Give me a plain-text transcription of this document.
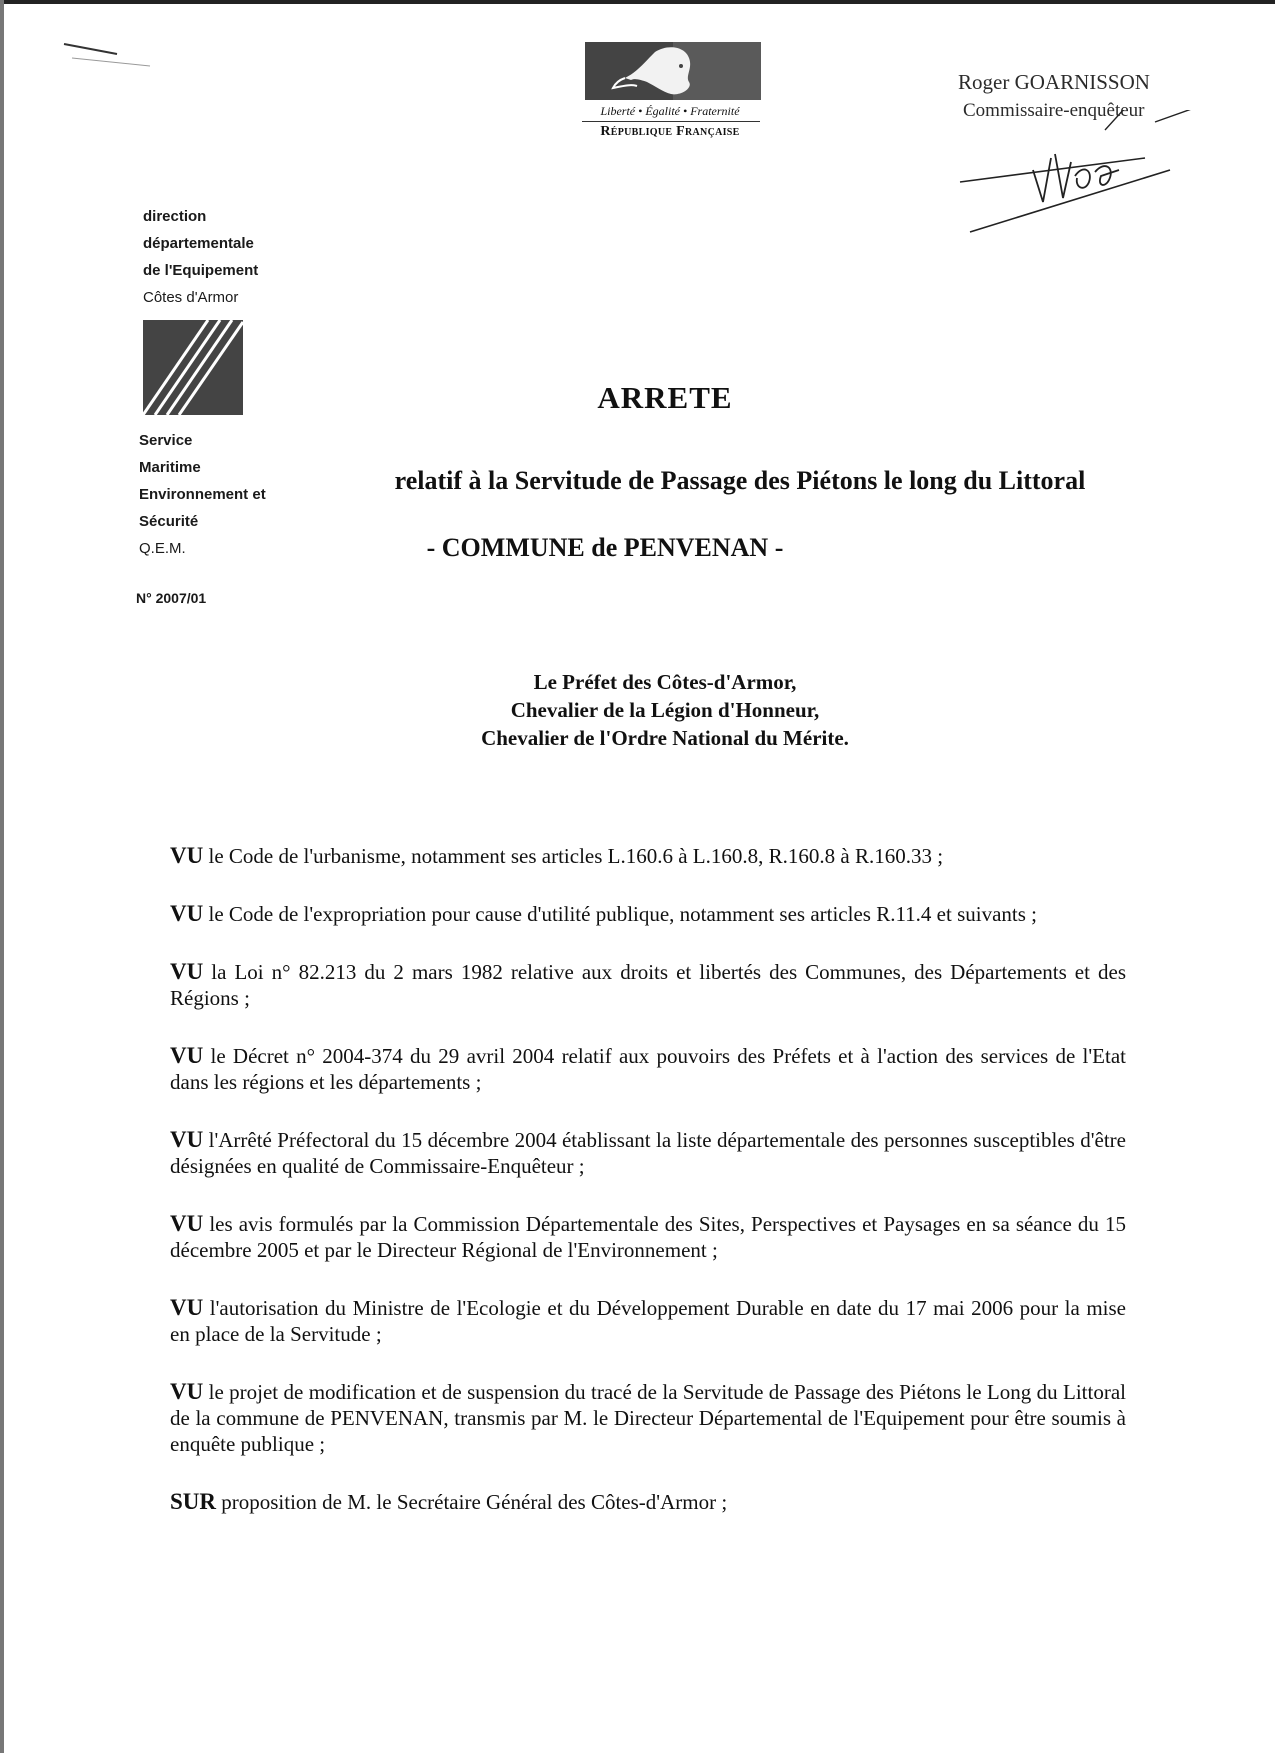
Liberté • Égalité • Fraternité
République Française
Roger GOARNISSON
Commissaire-enquêteur
direction
départementale
de l'Equipement
Côtes d'Armor
Service
Maritime
Environnement et
Sécurité
Q.E.M.
N° 2007/01
ARRETE
relatif à la Servitude de Passage des Piétons le long du Littoral
- COMMUNE de PENVENAN -
Le Préfet des Côtes-d'Armor,
Chevalier de la Légion d'Honneur,
Chevalier de l'Ordre National du Mérite.

VU le Code de l'urbanisme, notamment ses articles L.160.6 à L.160.8, R.160.8 à R.160.33 ;

VU le Code de l'expropriation pour cause d'utilité publique, notamment ses articles R.11.4 et suivants ;

VU la Loi n° 82.213 du 2 mars 1982 relative aux droits et libertés des Communes, des Départements et des Régions ;

VU le Décret n° 2004-374 du 29 avril 2004 relatif aux pouvoirs des Préfets et à l'action des services de l'Etat dans les régions et les départements ;

VU l'Arrêté Préfectoral du 15 décembre 2004 établissant la liste départementale des personnes susceptibles d'être désignées en qualité de Commissaire-Enquêteur ;

VU les avis formulés par la Commission Départementale des Sites, Perspectives et Paysages en sa séance du 15 décembre 2005 et par le Directeur Régional de l'Environnement ;

VU l'autorisation du Ministre de l'Ecologie et du Développement Durable en date du 17 mai 2006 pour la mise en place de la Servitude ;

VU le projet de modification et de suspension du tracé de la Servitude de Passage des Piétons le Long du Littoral de la commune de PENVENAN, transmis par M. le Directeur Départemental de l'Equipement pour être soumis à enquête publique ;

SUR proposition de M. le Secrétaire Général des Côtes-d'Armor ;
